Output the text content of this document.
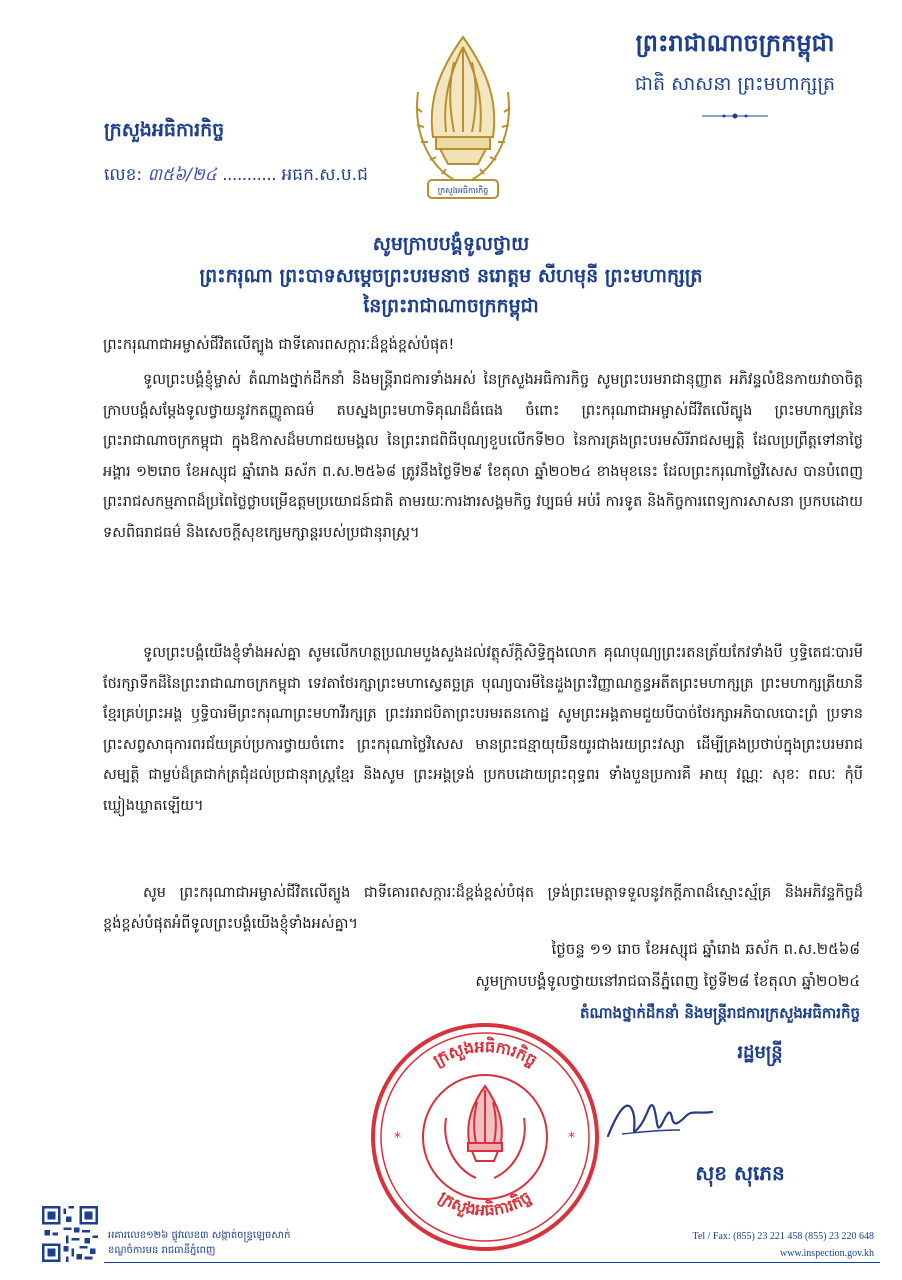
ព្រះរាជាណាចក្រកម្ពុជា
ជាតិ សាសនា ព្រះមហាក្សត្រ
ក្រសួងអធិការកិច្ច
ក្រសួងអធិការកិច្ច
លេខ: ៣៥៦/២៤ ........... អធក.ស.ប.ជ
សូមក្រាបបង្គំទូលថ្វាយ
ព្រះករុណា ព្រះបាទសម្តេចព្រះបរមនាថ នរោត្តម សីហមុនី ព្រះមហាក្សត្រ
នៃព្រះរាជាណាចក្រកម្ពុជា
ព្រះករុណាជាអម្ចាស់ជីវិតលើត្បូង ជាទីគោរពសក្ការៈដ៏ខ្ពង់ខ្ពស់បំផុត!
ទូលព្រះបង្គំខ្ញុំម្ចាស់ តំណាងថ្នាក់ដឹកនាំ និងមន្ត្រីរាជការទាំងអស់ នៃក្រសួងអធិការកិច្ច សូមព្រះបរមរាជានុញ្ញាត អភិវន្ទលំឱនកាយវាចាចិត្ត ក្រាបបង្គំសម្តែងទូលថ្វាយនូវកតញ្ញូតាធម៌ តបស្នងព្រះមហាទិគុណដ៏ធំធេង ចំពោះ ព្រះករុណាជាអម្ចាស់ជីវិតលើត្បូង ព្រះមហាក្សត្រនៃព្រះរាជាណាចក្រកម្ពុជា ក្នុងឱកាសដ៏មហាជយមង្គល នៃព្រះរាជពិធីបុណ្យខួបលើកទី២០ នៃការគ្រងព្រះបរមសិរីរាជសម្បត្តិ ដែលប្រព្រឹត្តទៅនាថ្ងៃអង្គារ ១២រោច ខែអស្សុជ ឆ្នាំរោង ឆស័ក ព.ស.២៥៦៨ ត្រូវនឹងថ្ងៃទី២៩ ខែតុលា ឆ្នាំ២០២៤ ខាងមុខនេះ ដែលព្រះករុណាថ្លៃវិសេស បានបំពេញព្រះរាជសកម្មភាពដ៏ប្រពៃថ្លៃថ្លាបម្រើឧត្តមប្រយោជន៍ជាតិ តាមរយៈការងារសង្គមកិច្ច វប្បធម៌ អប់រំ ការទូត និងកិច្ចការពេទ្យការសាសនា ប្រកបដោយទសពិធរាជធម៌ និងសេចក្តីសុខក្សេមក្សាន្តរបស់ប្រជានុរាស្ត្រ។
ទូលព្រះបង្គំយើងខ្ញុំទាំងអស់គ្នា សូមលើកហត្ថប្រណមបួងសួងដល់វត្ថុស័ក្តិសិទ្ធិក្នុងលោក គុណបុណ្យព្រះរតនត្រ័យកែវទាំងបី ឫទ្ធិតេជៈបារមីថែរក្សាទឹកដីនៃព្រះរាជាណាចក្រកម្ពុជា ទេវតាថែរក្សាព្រះមហាស្វេតច្ឆត្រ បុណ្យបារមីនៃដួងព្រះវិញ្ញាណក្ខន្ធអតីតព្រះមហាក្សត្រ ព្រះមហាក្សត្រីយានីខ្មែរគ្រប់ព្រះអង្គ ឫទ្ធិបារមីព្រះករុណាព្រះមហាវីរក្សត្រ ព្រះវររាជបិតាព្រះបរមរតនកោដ្ឋ សូមព្រះអង្គតាមជួយបីបាច់ថែរក្សាអភិបាលបោះព្រំ ប្រទានព្រះសព្វសាធុការពរជ័យគ្រប់ប្រការថ្វាយចំពោះ ព្រះករុណាថ្លៃវិសេស មានព្រះជន្មាយុយឺនយូរជាងរយព្រះវស្សា ដើម្បីគ្រងប្រថាប់ក្នុងព្រះបរមរាជសម្បត្តិ ជាម្លប់ដ៏ត្រជាក់ត្រជុំដល់ប្រជានុរាស្ត្រខ្មែរ និងសូម ព្រះអង្គទ្រង់ ប្រកបដោយព្រះពុទ្ធពរ ទាំងបួនប្រការគឺ អាយុ វណ្ណៈ សុខៈ ពលៈ កុំបីឃ្លៀងឃ្លាតឡើយ។
សូម ព្រះករុណាជាអម្ចាស់ជីវិតលើត្បូង ជាទីគោរពសក្ការៈដ៏ខ្ពង់ខ្ពស់បំផុត ទ្រង់ព្រះមេត្តាទទួលនូវកក្តីភាពដ៏ស្មោះស្ម័គ្រ និងអភិវន្ទកិច្ចដ៏ខ្ពង់ខ្ពស់បំផុតអំពីទូលព្រះបង្គំយើងខ្ញុំទាំងអស់គ្នា។
ថ្ងៃចន្ទ ១១ រោច ខែអស្សុជ ឆ្នាំរោង ឆស័ក ព.ស.២៥៦៨
សូមក្រាបបង្គំទូលថ្វាយនៅរាជធានីភ្នំពេញ ថ្ងៃទី២៨ ខែតុលា ឆ្នាំ២០២៤
តំណាងថ្នាក់ដឹកនាំ និងមន្ត្រីរាជការក្រសួងអធិការកិច្ច
រដ្ឋមន្ត្រី
ក្រសួងអធិការកិច្ច
ក្រសួងអធិការកិច្ច
*	*
សុខ សុភេន
អគារលេខ១២៦ ផ្លូវលេខ៣ សង្កាត់ចន្ទ្រឡេចសាក់
ខណ្ឌចំការមន រាជធានីភ្នំពេញ
Tel / Fax: (855) 23 221 458 (855) 23 220 648
www.inspection.gov.kh
